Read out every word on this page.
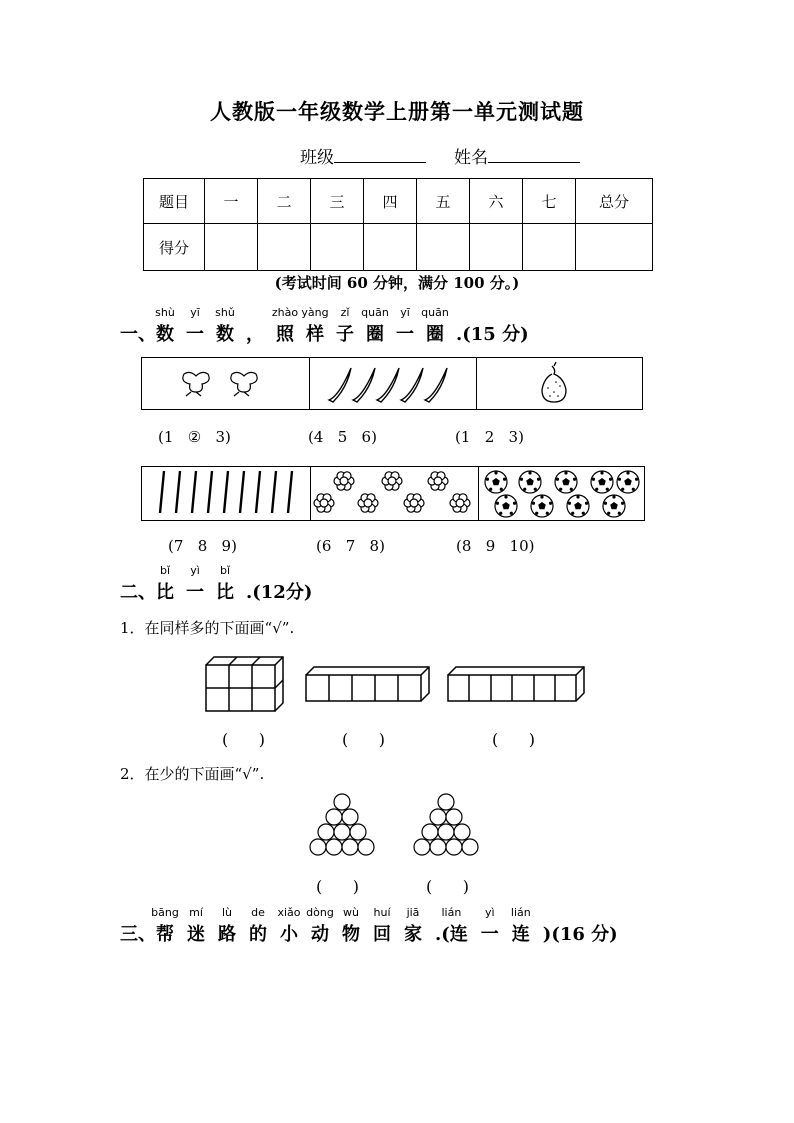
人教版一年级数学上册第一单元测试题
班级	姓名
题目	一	二	三	四	五	六	七	总分
得分								
(考试时间 60 分钟，满分 100 分。)
一、
shù
数
yī
一
shǔ
数 ，
zhào
照
yàng
样
zǐ
子
quān
圈
yī
一
quān
圈 .(15 分)
(1   ②   3)	(4   5   6)	(1   2   3)
(7   8   9)	(6   7   8)	(8   9   10)
二、
bǐ
比
yì
一
bǐ
比 .(12分)
1．在同样多的下面画“√”.
(      )	(      )	(      )
2．在少的下面画“√”.
(      )	(      )
三、
bāng
帮
mí
迷
lù
路
de
的
xiǎo
小
dòng
动
wù
物
huí
回
jiā
家
lián
.(连
yì
一
lián
连 )(16 分)
